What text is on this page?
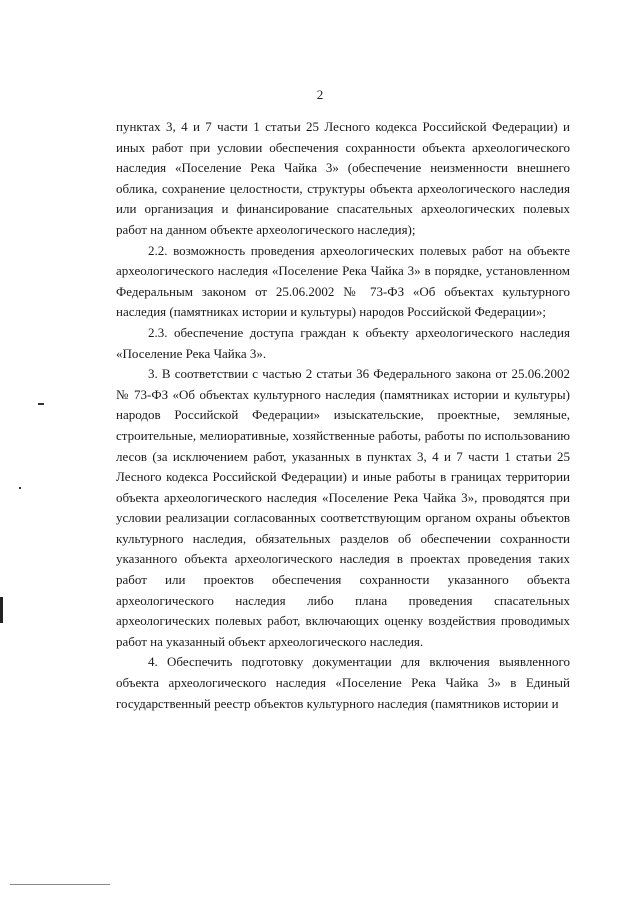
2

пунктах 3, 4 и 7 части 1 статьи 25 Лесного кодекса Российской Федерации) и иных работ при условии обеспечения сохранности объекта археологического наследия «Поселение Река Чайка 3» (обеспечение неизменности внешнего облика, сохранение целостности, структуры объекта археологического наследия или организация и финансирование спасательных археологических полевых работ на данном объекте археологического наследия);

2.2. возможность проведения археологических полевых работ на объекте археологического наследия «Поселение Река Чайка 3» в порядке, установленном Федеральным законом от 25.06.2002 № 73-ФЗ «Об объектах культурного наследия (памятниках истории и культуры) народов Российской Федерации»;

2.3. обеспечение доступа граждан к объекту археологического наследия «Поселение Река Чайка 3».

3. В соответствии с частью 2 статьи 36 Федерального закона от 25.06.2002 № 73-ФЗ «Об объектах культурного наследия (памятниках истории и культуры) народов Российской Федерации» изыскательские, проектные, земляные, строительные, мелиоративные, хозяйственные работы, работы по использованию лесов (за исключением работ, указанных в пунктах 3, 4 и 7 части 1 статьи 25 Лесного кодекса Российской Федерации) и иные работы в границах территории объекта археологического наследия «Поселение Река Чайка 3», проводятся при условии реализации согласованных соответствующим органом охраны объектов культурного наследия, обязательных разделов об обеспечении сохранности указанного объекта археологического наследия в проектах проведения таких работ или проектов обеспечения сохранности указанного объекта археологического наследия либо плана проведения спасательных археологических полевых работ, включающих оценку воздействия проводимых работ на указанный объект археологического наследия.

4. Обеспечить подготовку документации для включения выявленного объекта археологического наследия «Поселение Река Чайка 3» в Единый государственный реестр объектов культурного наследия (памятников истории и
